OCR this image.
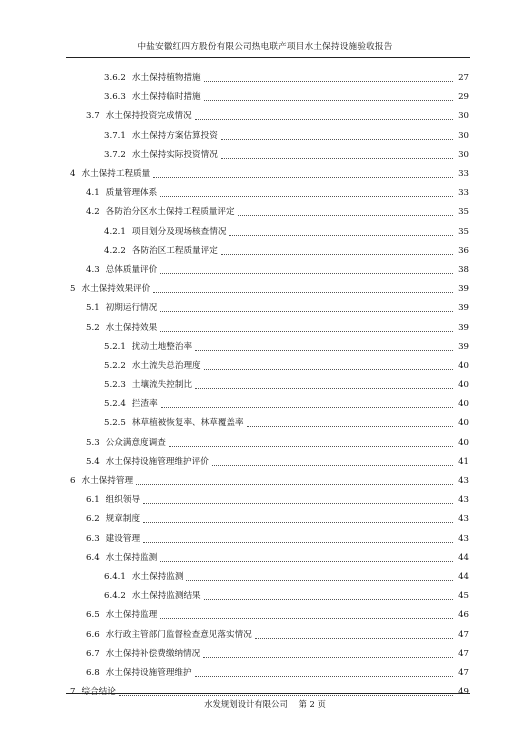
中盐安徽红四方股份有限公司热电联产项目水土保持设施验收报告
3.6.2 水土保持植物措施	27
3.6.3 水土保持临时措施	29
3.7 水土保持投资完成情况	30
3.7.1 水土保持方案估算投资	30
3.7.2 水土保持实际投资情况	30
4 水土保持工程质量	33
4.1 质量管理体系	33
4.2 各防治分区水土保持工程质量评定	35
4.2.1 项目划分及现场核查情况	35
4.2.2 各防治区工程质量评定	36
4.3 总体质量评价	38
5 水土保持效果评价	39
5.1 初期运行情况	39
5.2 水土保持效果	39
5.2.1 扰动土地整治率	39
5.2.2 水土流失总治理度	40
5.2.3 土壤流失控制比	40
5.2.4 拦渣率	40
5.2.5 林草植被恢复率、林草覆盖率	40
5.3 公众满意度调查	40
5.4 水土保持设施管理维护评价	41
6 水土保持管理	43
6.1 组织领导	43
6.2 规章制度	43
6.3 建设管理	43
6.4 水土保持监测	44
6.4.1 水土保持监测	44
6.4.2 水土保持监测结果	45
6.5 水土保持监理	46
6.6 水行政主管部门监督检查意见落实情况	47
6.7 水土保持补偿费缴纳情况	47
6.8 水土保持设施管理维护	47
7 综合结论	49
水发规划设计有限公司 第 2 页
